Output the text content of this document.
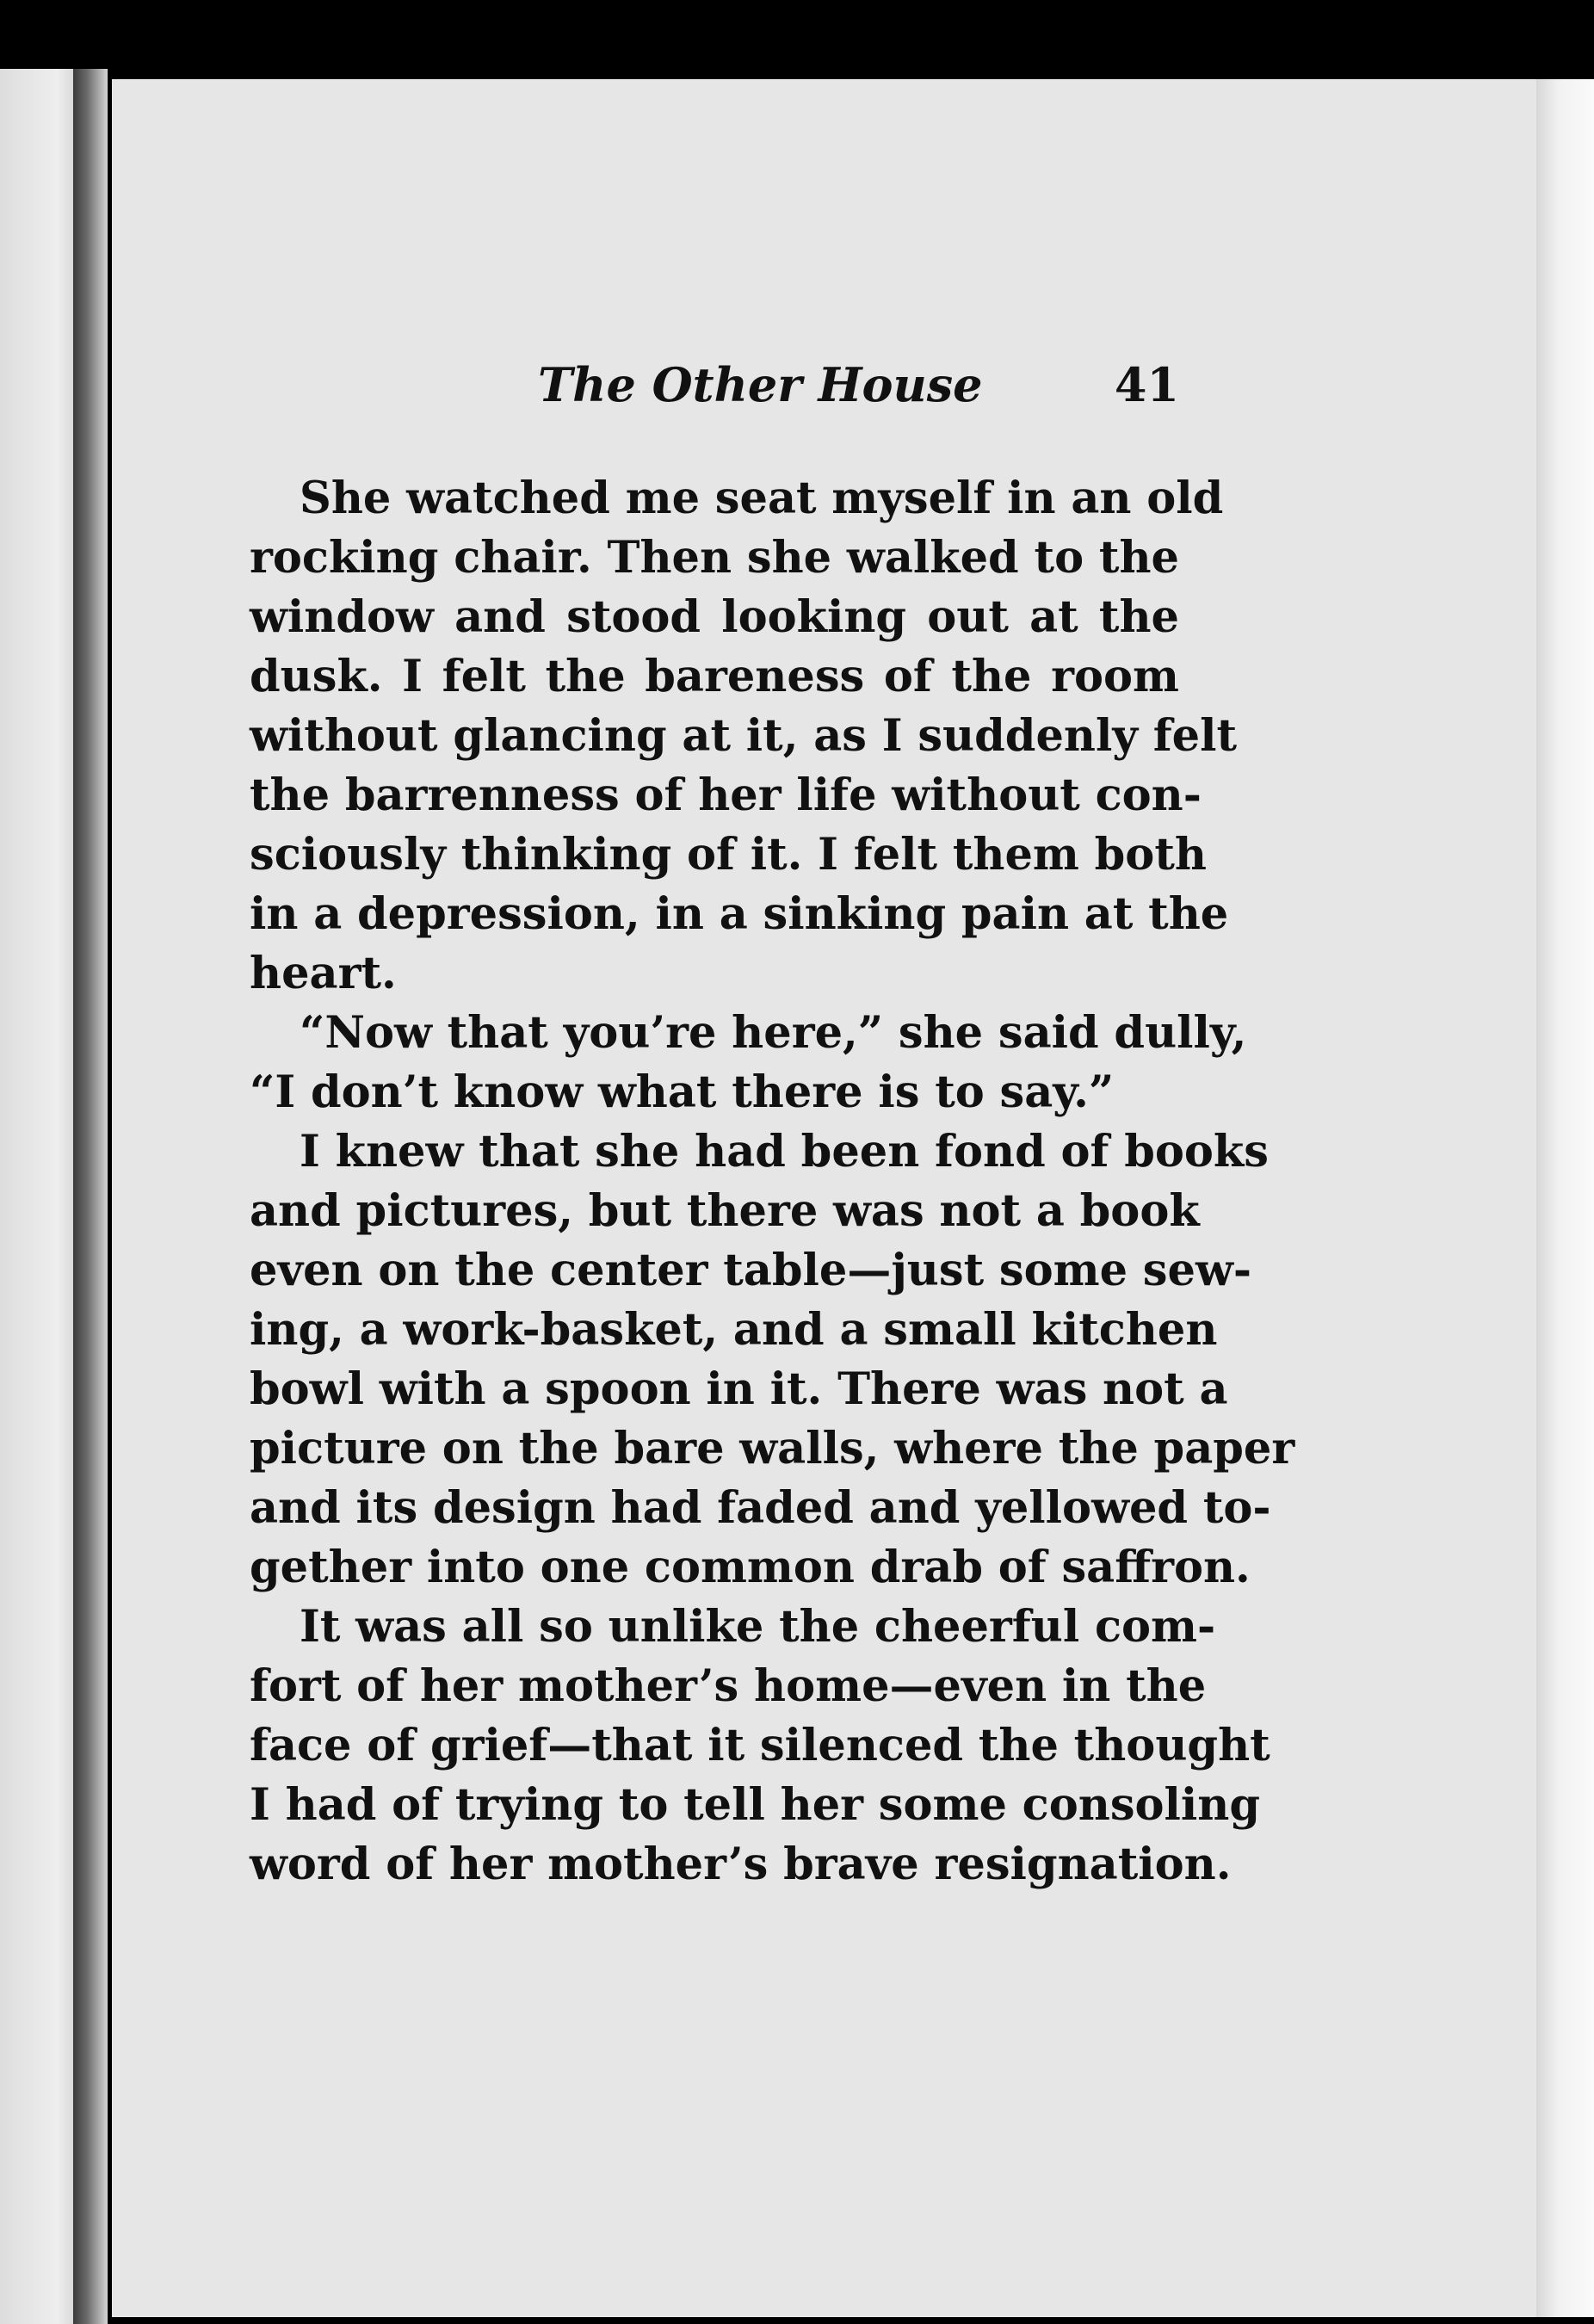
The Other House	41
She watched me seat myself in an old
rocking chair. Then she walked to the
window and stood looking out at the
dusk. I felt the bareness of the room
without glancing at it, as I suddenly felt
the barrenness of her life without con-
sciously thinking of it. I felt them both
in a depression, in a sinking pain at the
heart.
“Now that you’re here,” she said dully,
“I don’t know what there is to say.”
I knew that she had been fond of books
and pictures, but there was not a book
even on the center table—just some sew-
ing, a work-basket, and a small kitchen
bowl with a spoon in it. There was not a
picture on the bare walls, where the paper
and its design had faded and yellowed to-
gether into one common drab of saffron.
It was all so unlike the cheerful com-
fort of her mother’s home—even in the
face of grief—that it silenced the thought
I had of trying to tell her some consoling
word of her mother’s brave resignation.
